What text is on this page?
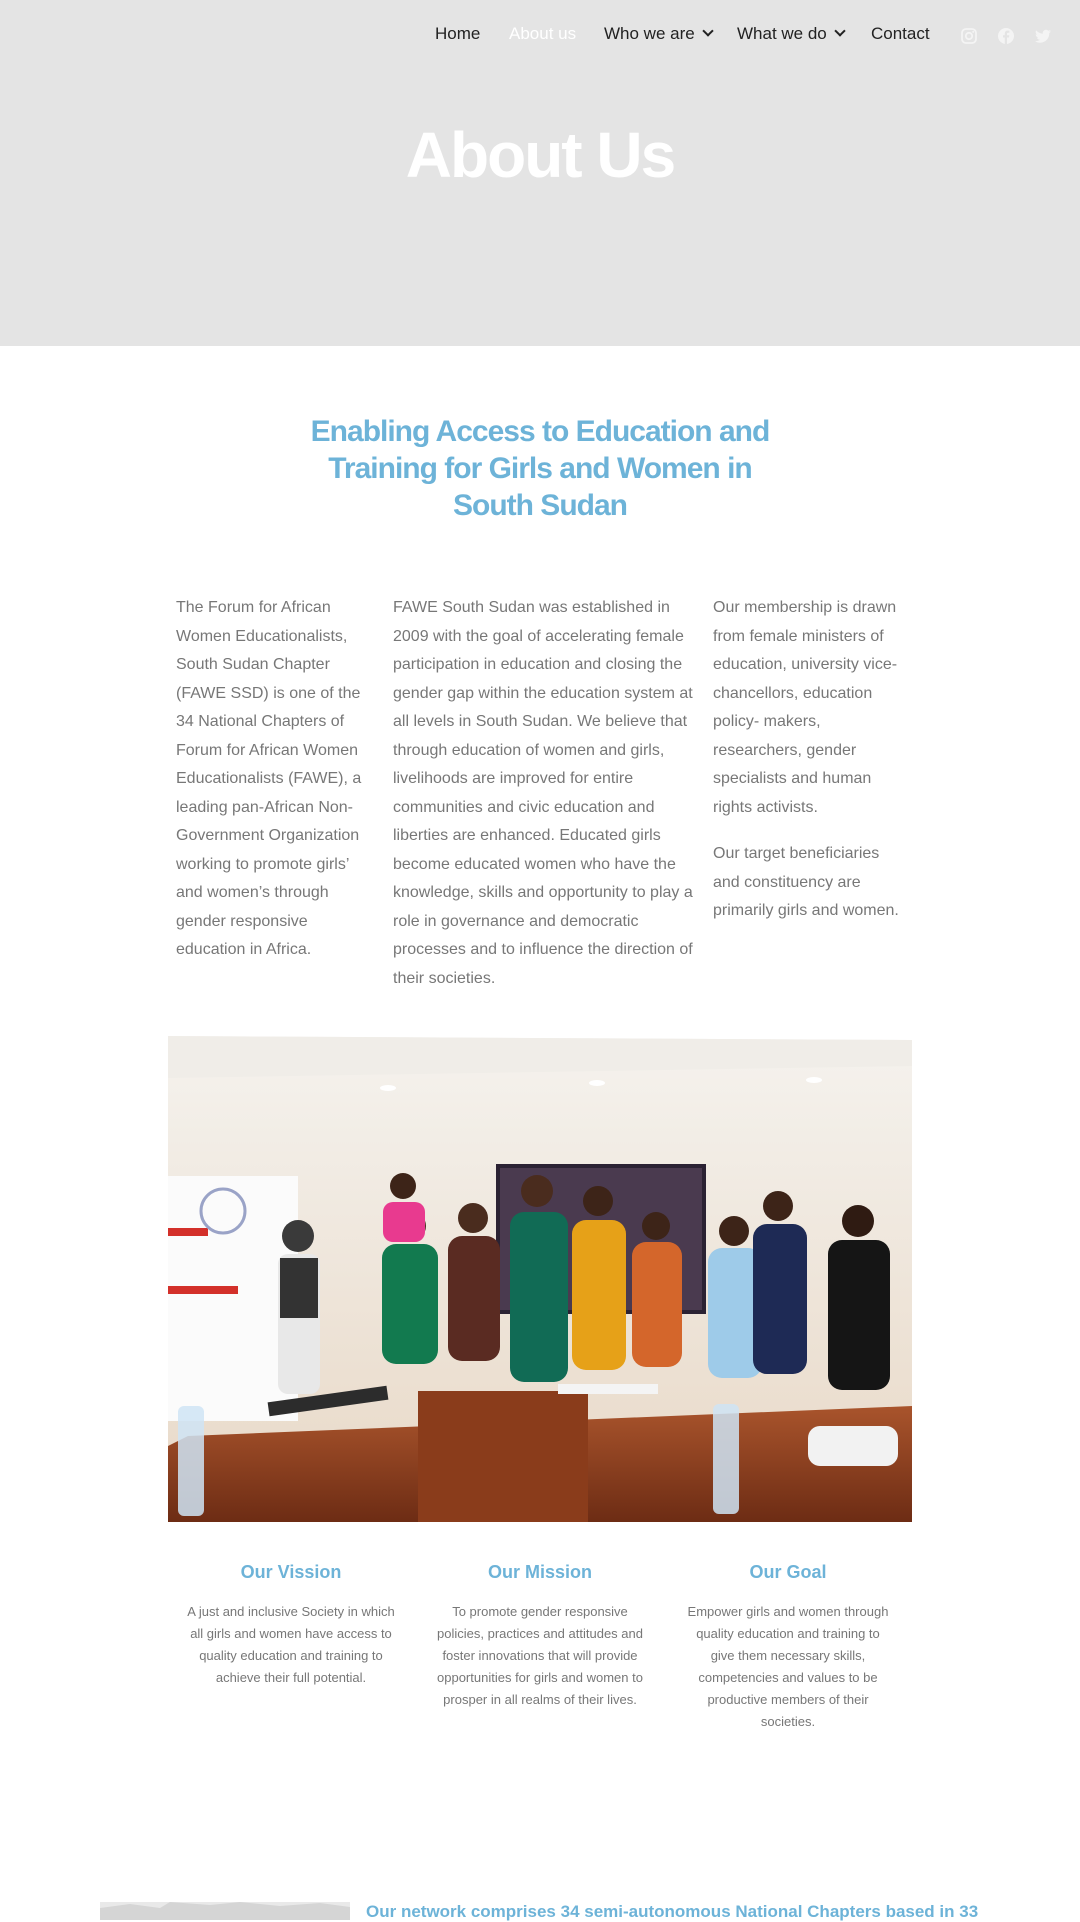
Home About us Who we are	What we do	Contact
About Us
Enabling Access to Education and Training for Girls and Women in South Sudan

The Forum for African Women Educationalists, South Sudan Chapter (FAWE SSD) is one of the 34 National Chapters of Forum for African Women Educationalists (FAWE), a leading pan-African Non-Government Organization working to promote girls’ and women’s through gender responsive education in Africa.

FAWE South Sudan was established in 2009 with the goal of accelerating female participation in education and closing the gender gap within the education system at all levels in South Sudan. We believe that through education of women and girls, livelihoods are improved for entire communities and civic education and liberties are enhanced. Educated girls become educated women who have the knowledge, skills and opportunity to play a role in governance and democratic processes and to influence the direction of their societies.

Our membership is drawn from female ministers of education, university vice-chancellors, education policy- makers, researchers, gender specialists and human rights activists.

Our target beneficiaries and constituency are primarily girls and women.

Our Vission

A just and inclusive Society in which all girls and women have access to quality education and training to achieve their full potential.

Our Mission

To promote gender responsive policies, practices and attitudes and foster innovations that will provide opportunities for girls and women to prosper in all realms of their lives.

Our Goal

Empower girls and women through quality education and training to give them necessary skills, competencies and values to be productive members of their societies.

Our network comprises 34 semi-autonomous National Chapters based in 33
